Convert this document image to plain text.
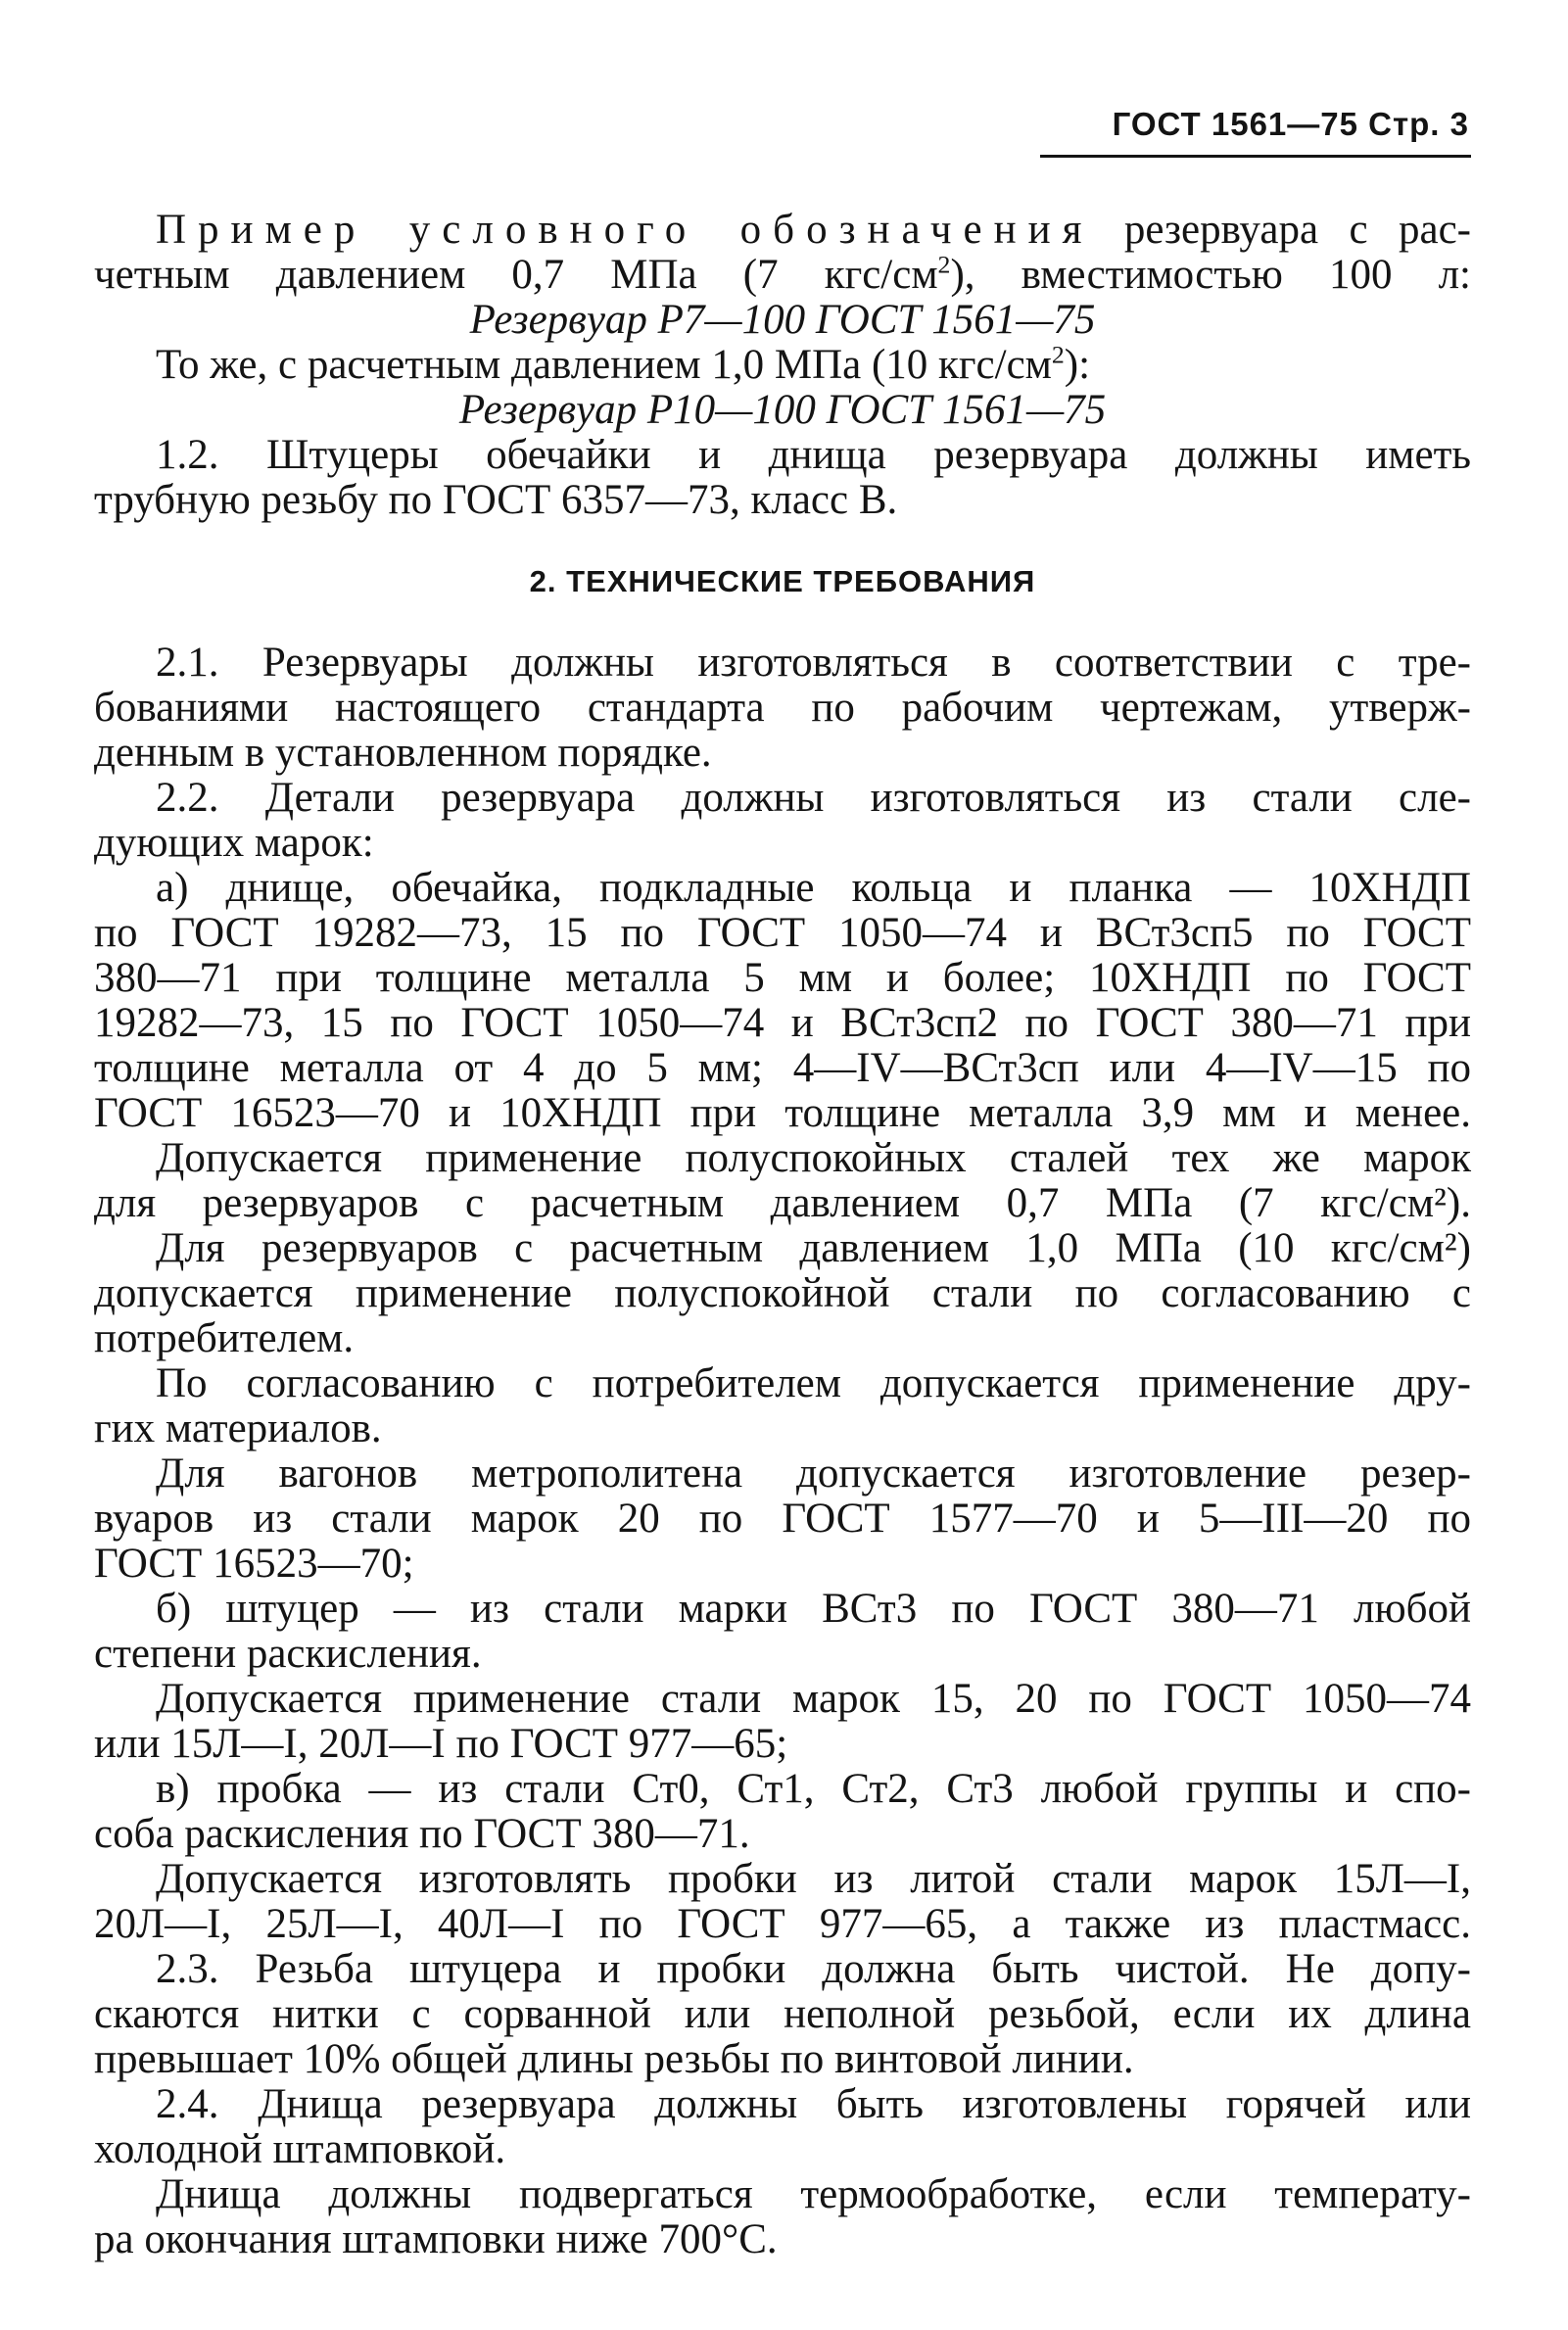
ГОСТ 1561—75 Стр. 3
Пример условного обозначения резервуара с рас-
четным давлением 0,7 МПа (7 кгс/$см^2$), вместимостью 100 л:
Резервуар Р7—100 ГОСТ 1561—75
То же, с расчетным давлением 1,0 МПа (10 кгс/$см^2$):
Резервуар Р10—100 ГОСТ 1561—75
1.2. Штуцеры обечайки и днища резервуара должны иметь
трубную резьбу по ГОСТ 6357—73, класс В.
2. ТЕХНИЧЕСКИЕ ТРЕБОВАНИЯ
2.1. Резервуары должны изготовляться в соответствии с тре-
бованиями настоящего стандарта по рабочим чертежам, утверж-
денным в установленном порядке.
2.2. Детали резервуара должны изготовляться из стали сле-
дующих марок:
а) днище, обечайка, подкладные кольца и планка — 10ХНДП
по ГОСТ 19282—73, 15 по ГОСТ 1050—74 и ВСт3сп5 по ГОСТ
380—71 при толщине металла 5 мм и более; 10ХНДП по ГОСТ
19282—73, 15 по ГОСТ 1050—74 и ВСт3сп2 по ГОСТ 380—71 при
толщине металла от 4 до 5 мм; 4—IV—ВСт3сп или 4—IV—15 по
ГОСТ 16523—70 и 10ХНДП при толщине металла 3,9 мм и менее.
Допускается применение полуспокойных сталей тех же марок
для резервуаров с расчетным давлением 0,7 МПа (7 кгс/см²).
Для резервуаров с расчетным давлением 1,0 МПа (10 кгс/см²)
допускается применение полуспокойной стали по согласованию с
потребителем.
По согласованию с потребителем допускается применение дру-
гих материалов.
Для вагонов метрополитена допускается изготовление резер-
вуаров из стали марок 20 по ГОСТ 1577—70 и 5—III—20 по
ГОСТ 16523—70;
б) штуцер — из стали марки ВСт3 по ГОСТ 380—71 любой
степени раскисления.
Допускается применение стали марок 15, 20 по ГОСТ 1050—74
или 15Л—I, 20Л—I по ГОСТ 977—65;
в) пробка — из стали Ст0, Ст1, Ст2, Ст3 любой группы и спо-
соба раскисления по ГОСТ 380—71.
Допускается изготовлять пробки из литой стали марок 15Л—I,
20Л—I, 25Л—I, 40Л—I по ГОСТ 977—65, а также из пластмасс.
2.3. Резьба штуцера и пробки должна быть чистой. Не допу-
скаются нитки с сорванной или неполной резьбой, если их длина
превышает 10% общей длины резьбы по винтовой линии.
2.4. Днища резервуара должны быть изготовлены горячей или
холодной штамповкой.
Днища должны подвергаться термообработке, если температу-
ра окончания штамповки ниже 700°С.
